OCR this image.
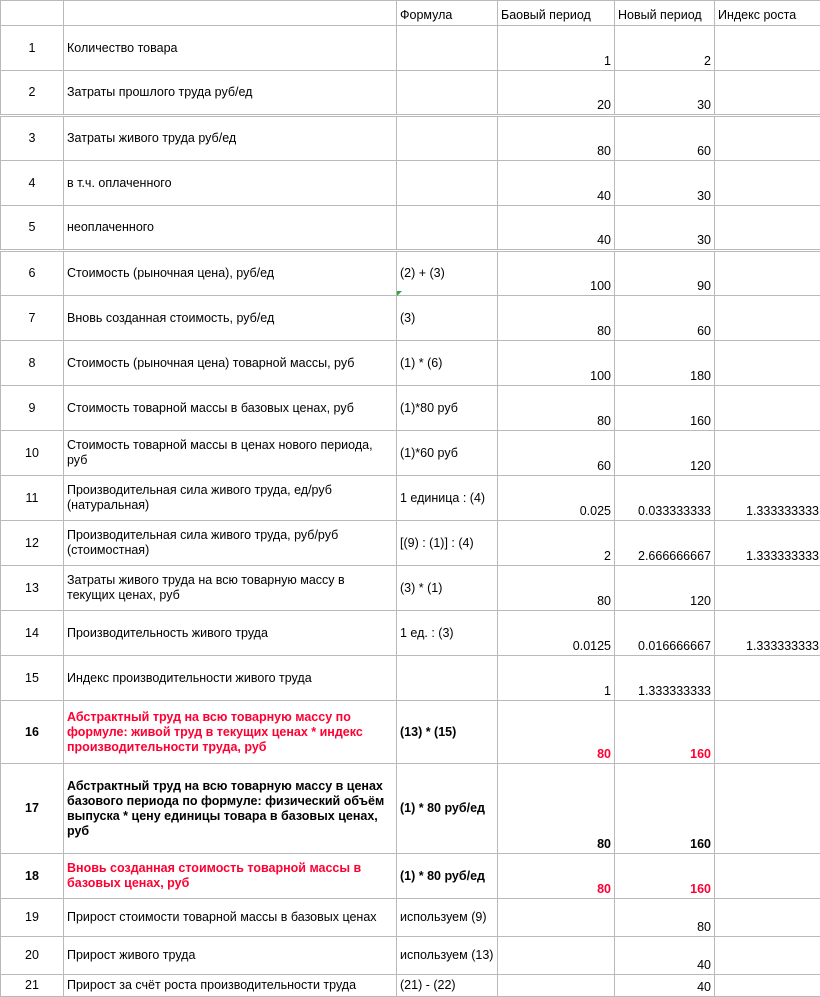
		Формула	Баовый период	Новый период	Индекс роста
1	Количество товара		1	2	
2	Затраты прошлого труда руб/ед		20	30	
3	Затраты живого труда руб/ед		80	60	
4	в т.ч. оплаченного		40	30	
5	неоплаченного		40	30	
6	Стоимость (рыночная цена), руб/ед	(2) + (3)	100	90	
7	Вновь созданная стоимость, руб/ед	(3)	80	60	
8	Стоимость (рыночная цена) товарной массы, руб	(1) * (6)	100	180	
9	Стоимость товарной массы в базовых ценах, руб	(1)*80 руб	80	160	
10	Стоимость товарной массы в ценах нового периода, руб	(1)*60 руб	60	120	
11	Производительная сила живого труда, ед/руб (натуральная)	1 единица : (4)	0.025	0.033333333	1.333333333
12	Производительная сила живого труда, руб/руб (стоимостная)	[(9) : (1)] : (4)	2	2.666666667	1.333333333
13	Затраты живого труда на всю товарную массу в текущих ценах, руб	(3) * (1)	80	120	
14	Производительность живого труда	1 ед. : (3)	0.0125	0.016666667	1.333333333
15	Индекс производительности живого труда		1	1.333333333	
16	Абстрактный труд на всю товарную массу по формуле: живой труд в текущих ценах * индекс производительности труда, руб	(13) * (15)	80	160	
17	Абстрактный труд на всю товарную массу в ценах базового периода по формуле: физический объём выпуска * цену единицы товара в базовых ценах, руб	(1) * 80 руб/ед	80	160	
18	Вновь созданная стоимость товарной массы в базовых ценах, руб	(1) * 80 руб/ед	80	160	
19	Прирост стоимости товарной массы в базовых ценах	используем (9)		80	
20	Прирост живого труда	используем (13)		40	
21	Прирост за счёт роста производительности труда	(21) - (22)		40	
